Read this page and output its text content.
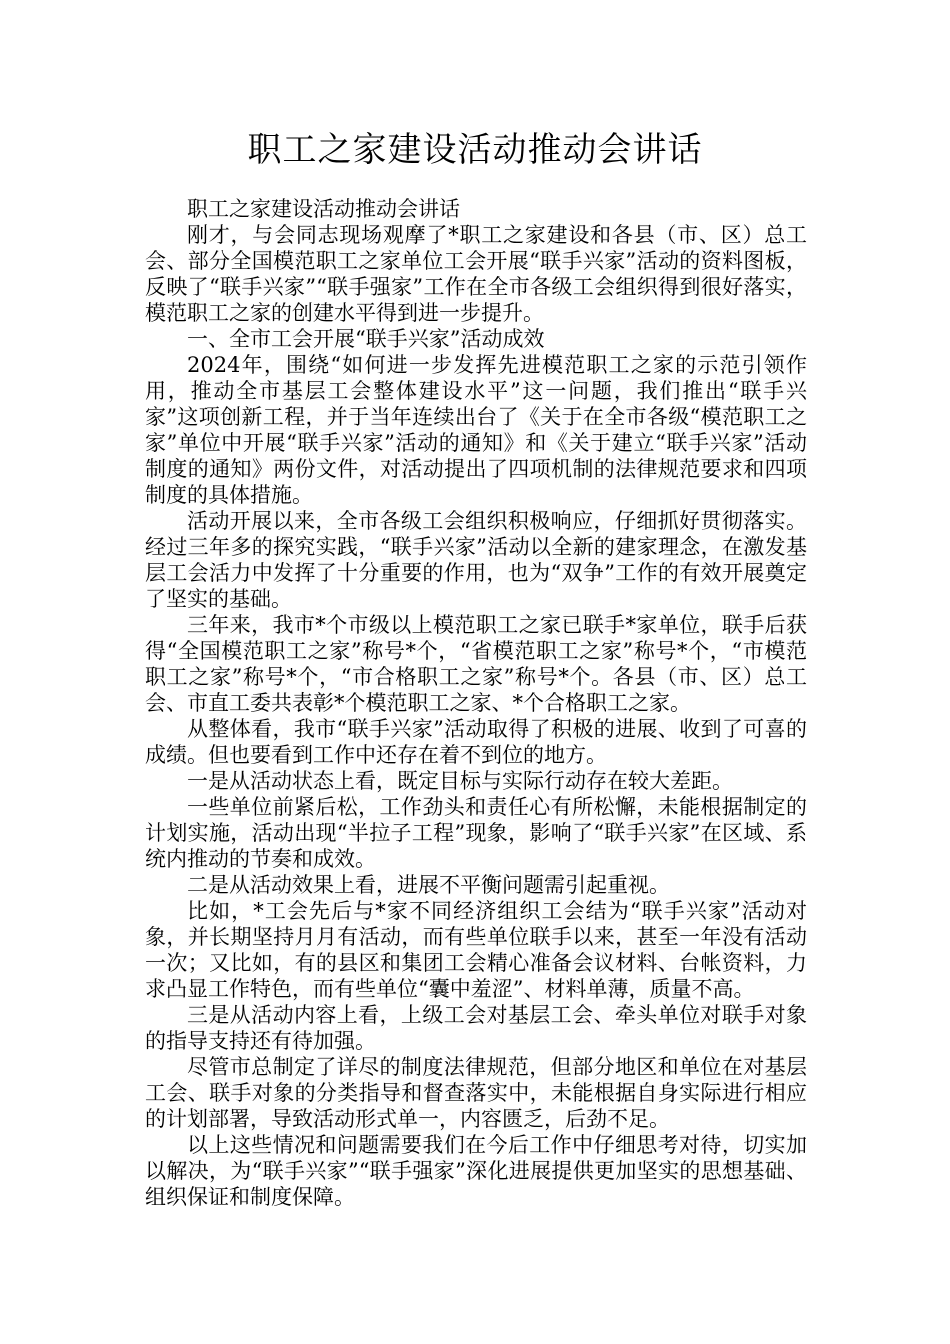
职工之家建设活动推动会讲话

职工之家建设活动推动会讲话

刚才，与会同志现场观摩了*职工之家建设和各县（市、区）总工会、部分全国模范职工之家单位工会开展“联手兴家”活动的资料图板，反映了“联手兴家”“联手强家”工作在全市各级工会组织得到很好落实，模范职工之家的创建水平得到进一步提升。

一、全市工会开展“联手兴家”活动成效

2024年，围绕“如何进一步发挥先进模范职工之家的示范引领作用，推动全市基层工会整体建设水平”这一问题，我们推出“联手兴家”这项创新工程，并于当年连续出台了《关于在全市各级“模范职工之家”单位中开展“联手兴家”活动的通知》和《关于建立“联手兴家”活动制度的通知》两份文件，对活动提出了四项机制的法律规范要求和四项制度的具体措施。

活动开展以来，全市各级工会组织积极响应，仔细抓好贯彻落实。经过三年多的探究实践，“联手兴家”活动以全新的建家理念，在激发基层工会活力中发挥了十分重要的作用，也为“双争”工作的有效开展奠定了坚实的基础。

三年来，我市*个市级以上模范职工之家已联手*家单位，联手后获得“全国模范职工之家”称号*个，“省模范职工之家”称号*个，“市模范职工之家”称号*个，“市合格职工之家”称号*个。各县（市、区）总工会、市直工委共表彰*个模范职工之家、*个合格职工之家。

从整体看，我市“联手兴家”活动取得了积极的进展、收到了可喜的成绩。但也要看到工作中还存在着不到位的地方。

一是从活动状态上看，既定目标与实际行动存在较大差距。

一些单位前紧后松，工作劲头和责任心有所松懈，未能根据制定的计划实施，活动出现“半拉子工程”现象，影响了“联手兴家”在区域、系统内推动的节奏和成效。

二是从活动效果上看，进展不平衡问题需引起重视。

比如，*工会先后与*家不同经济组织工会结为“联手兴家”活动对象，并长期坚持月月有活动，而有些单位联手以来，甚至一年没有活动一次；又比如，有的县区和集团工会精心准备会议材料、台帐资料，力求凸显工作特色，而有些单位“囊中羞涩”、材料单薄，质量不高。

三是从活动内容上看，上级工会对基层工会、牵头单位对联手对象的指导支持还有待加强。

尽管市总制定了详尽的制度法律规范，但部分地区和单位在对基层工会、联手对象的分类指导和督查落实中，未能根据自身实际进行相应的计划部署，导致活动形式单一，内容匮乏，后劲不足。

以上这些情况和问题需要我们在今后工作中仔细思考对待，切实加以解决，为“联手兴家”“联手强家”深化进展提供更加坚实的思想基础、组织保证和制度保障。
